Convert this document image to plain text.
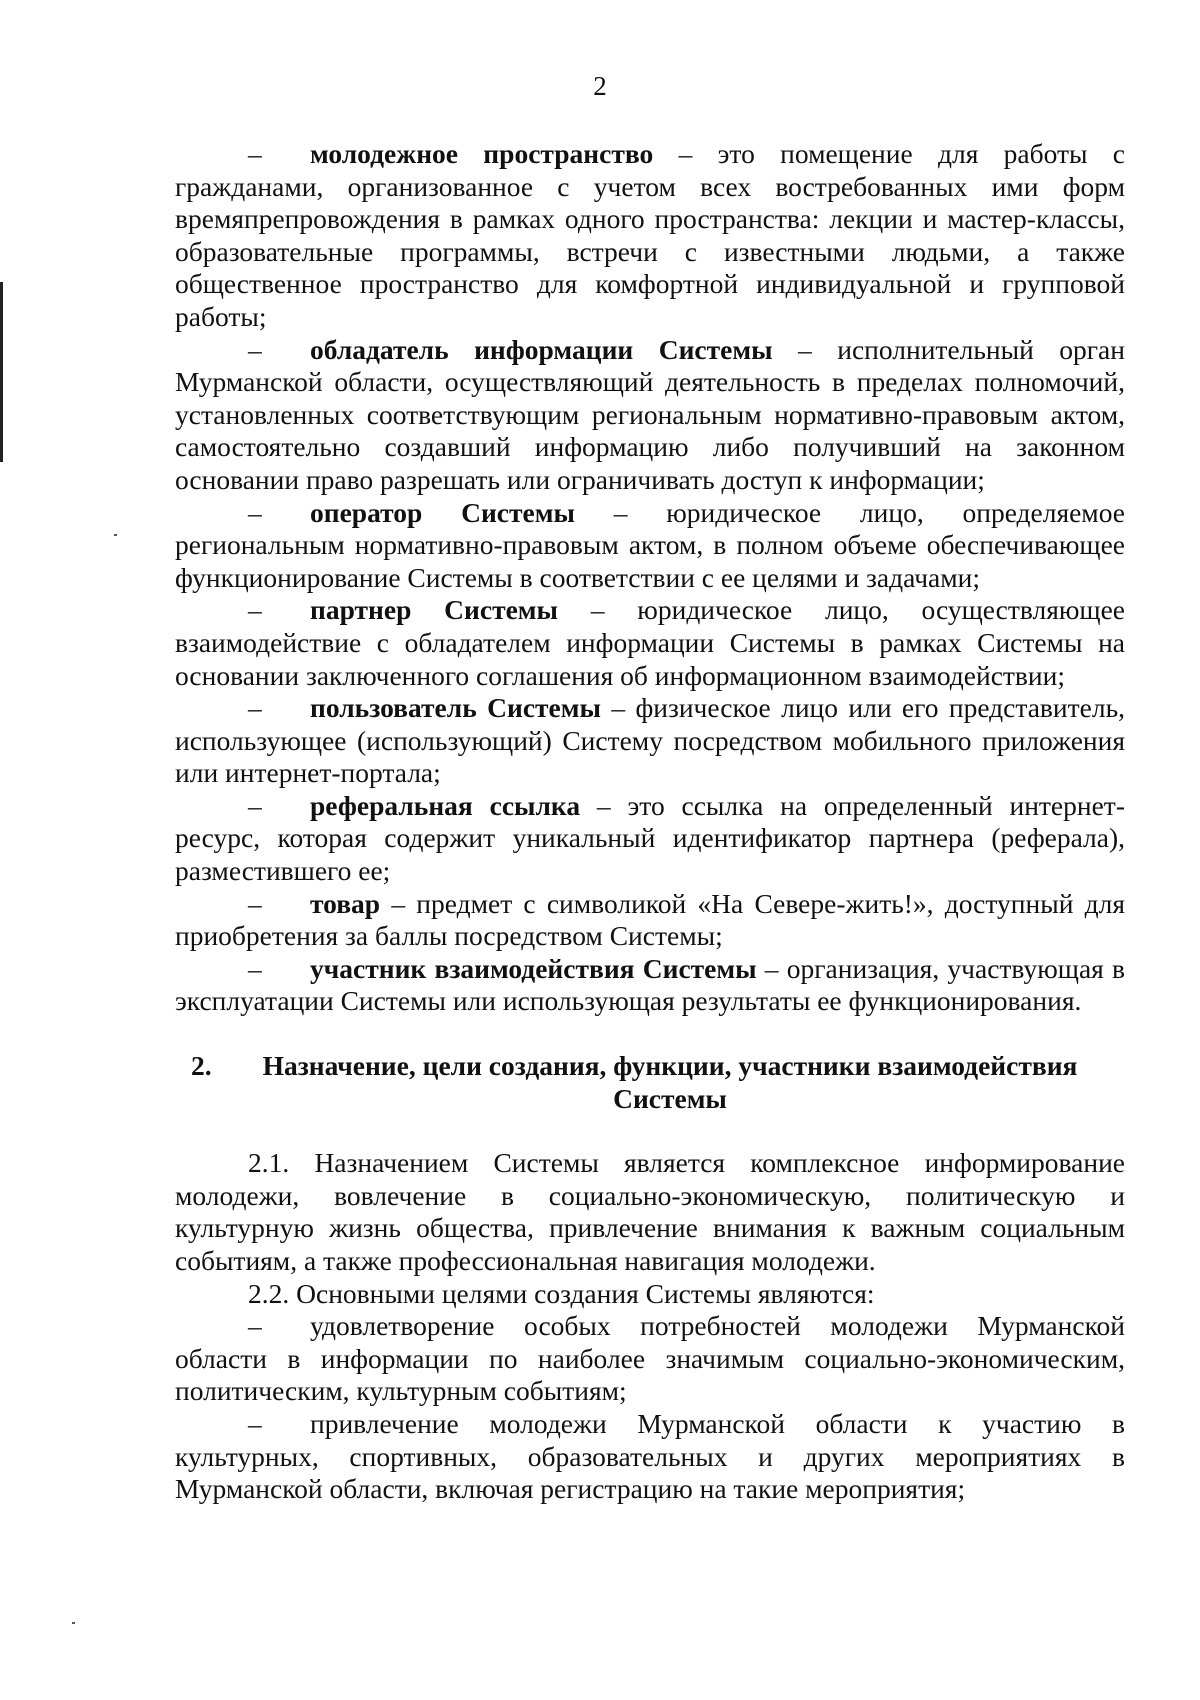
2

– молодежное пространство – это помещение для работы с гражданами, организованное с учетом всех востребованных ими форм времяпрепровождения в рамках одного пространства: лекции и мастер-классы, образовательные программы, встречи с известными людьми, а также общественное пространство для комфортной индивидуальной и групповой работы;

– обладатель информации Системы – исполнительный орган Мурманской области, осуществляющий деятельность в пределах полномочий, установленных соответствующим региональным нормативно-правовым актом, самостоятельно создавший информацию либо получивший на законном основании право разрешать или ограничивать доступ к информации;

– оператор Системы – юридическое лицо, определяемое региональным нормативно-правовым актом, в полном объеме обеспечивающее функционирование Системы в соответствии с ее целями и задачами;

– партнер Системы – юридическое лицо, осуществляющее взаимодействие с обладателем информации Системы в рамках Системы на основании заключенного соглашения об информационном взаимодействии;

– пользователь Системы – физическое лицо или его представитель, использующее (использующий) Систему посредством мобильного приложения или интернет-портала;

– реферальная ссылка – это ссылка на определенный интернет-ресурс, которая содержит уникальный идентификатор партнера (реферала), разместившего ее;

– товар – предмет с символикой «На Севере-жить!», доступный для приобретения за баллы посредством Системы;

– участник взаимодействия Системы – организация, участвующая в эксплуатации Системы или использующая результаты ее функционирования.

2.	Назначение, цели создания, функции, участники взаимодействия Системы

2.1. Назначением Системы является комплексное информирование молодежи, вовлечение в социально-экономическую, политическую и культурную жизнь общества, привлечение внимания к важным социальным событиям, а также профессиональная навигация молодежи.

2.2. Основными целями создания Системы являются:

– удовлетворение особых потребностей молодежи Мурманской области в информации по наиболее значимым социально-экономическим, политическим, культурным событиям;

– привлечение молодежи Мурманской области к участию в культурных, спортивных, образовательных и других мероприятиях в Мурманской области, включая регистрацию на такие мероприятия;
